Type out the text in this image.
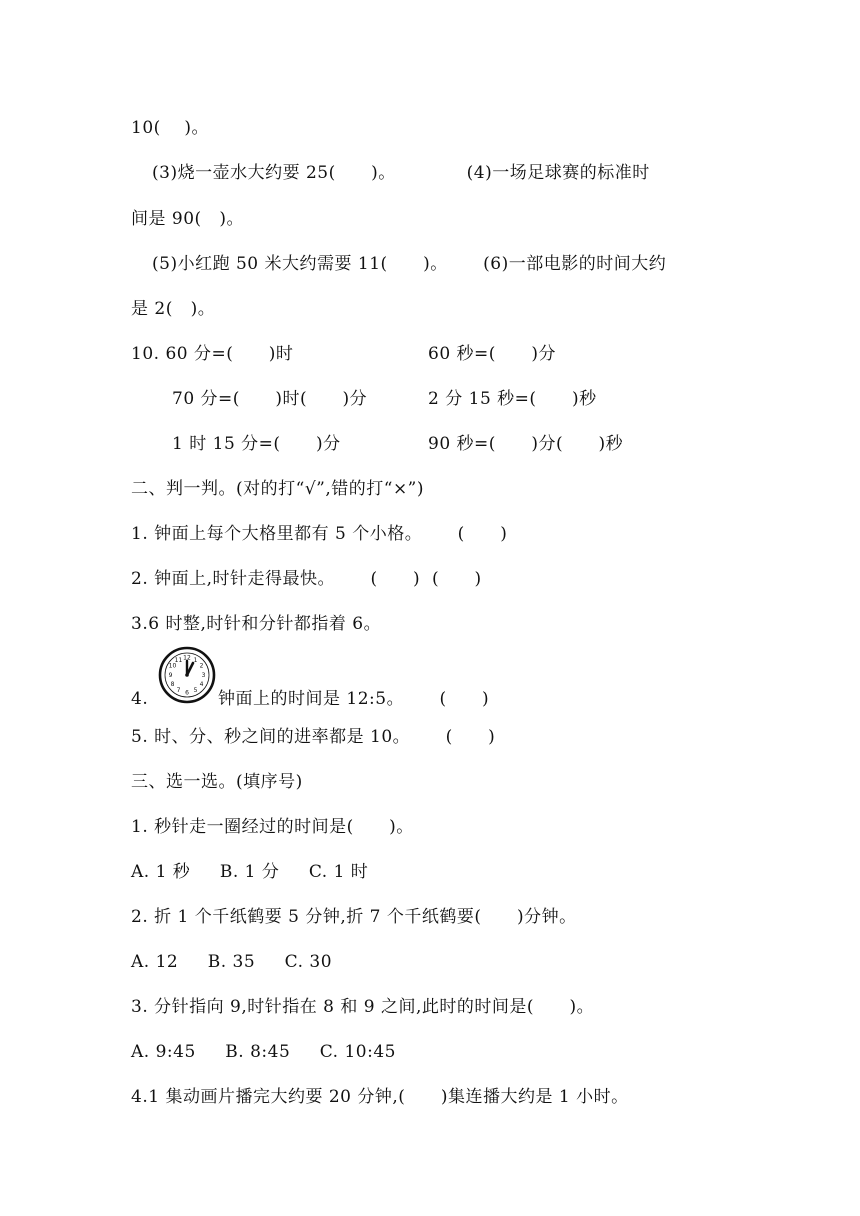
10(    )。
(3)烧一壶水大约要 25(      )。            (4)一场足球赛的标准时
间是 90(   )。
(5)小红跑 50 米大约需要 11(      )。      (6)一部电影的时间大约
是 2(   )。
10. 60 分=(      )时	60 秒=(      )分
70 分=(      )时(      )分	2 分 15 秒=(      )秒
1 时 15 分=(      )分	90 秒=(      )分(      )秒
二、判一判。(对的打“√”,错的打“×”)
1. 钟面上每个大格里都有 5 个小格。      (      )
2. 钟面上,时针走得最快。      (      )  (      )
3.6 时整,时针和分针都指着 6。
4.
12 1
2
3
4
5
6
7
8
9
10
11
钟面上的时间是 12:5。      (      )
5. 时、分、秒之间的进率都是 10。      (      )
三、选一选。(填序号)
1. 秒针走一圈经过的时间是(      )。
A. 1 秒     B. 1 分     C. 1 时
2. 折 1 个千纸鹤要 5 分钟,折 7 个千纸鹤要(      )分钟。
A. 12     B. 35     C. 30
3. 分针指向 9,时针指在 8 和 9 之间,此时的时间是(      )。
A. 9:45     B. 8:45     C. 10:45
4.1 集动画片播完大约要 20 分钟,(      )集连播大约是 1 小时。
